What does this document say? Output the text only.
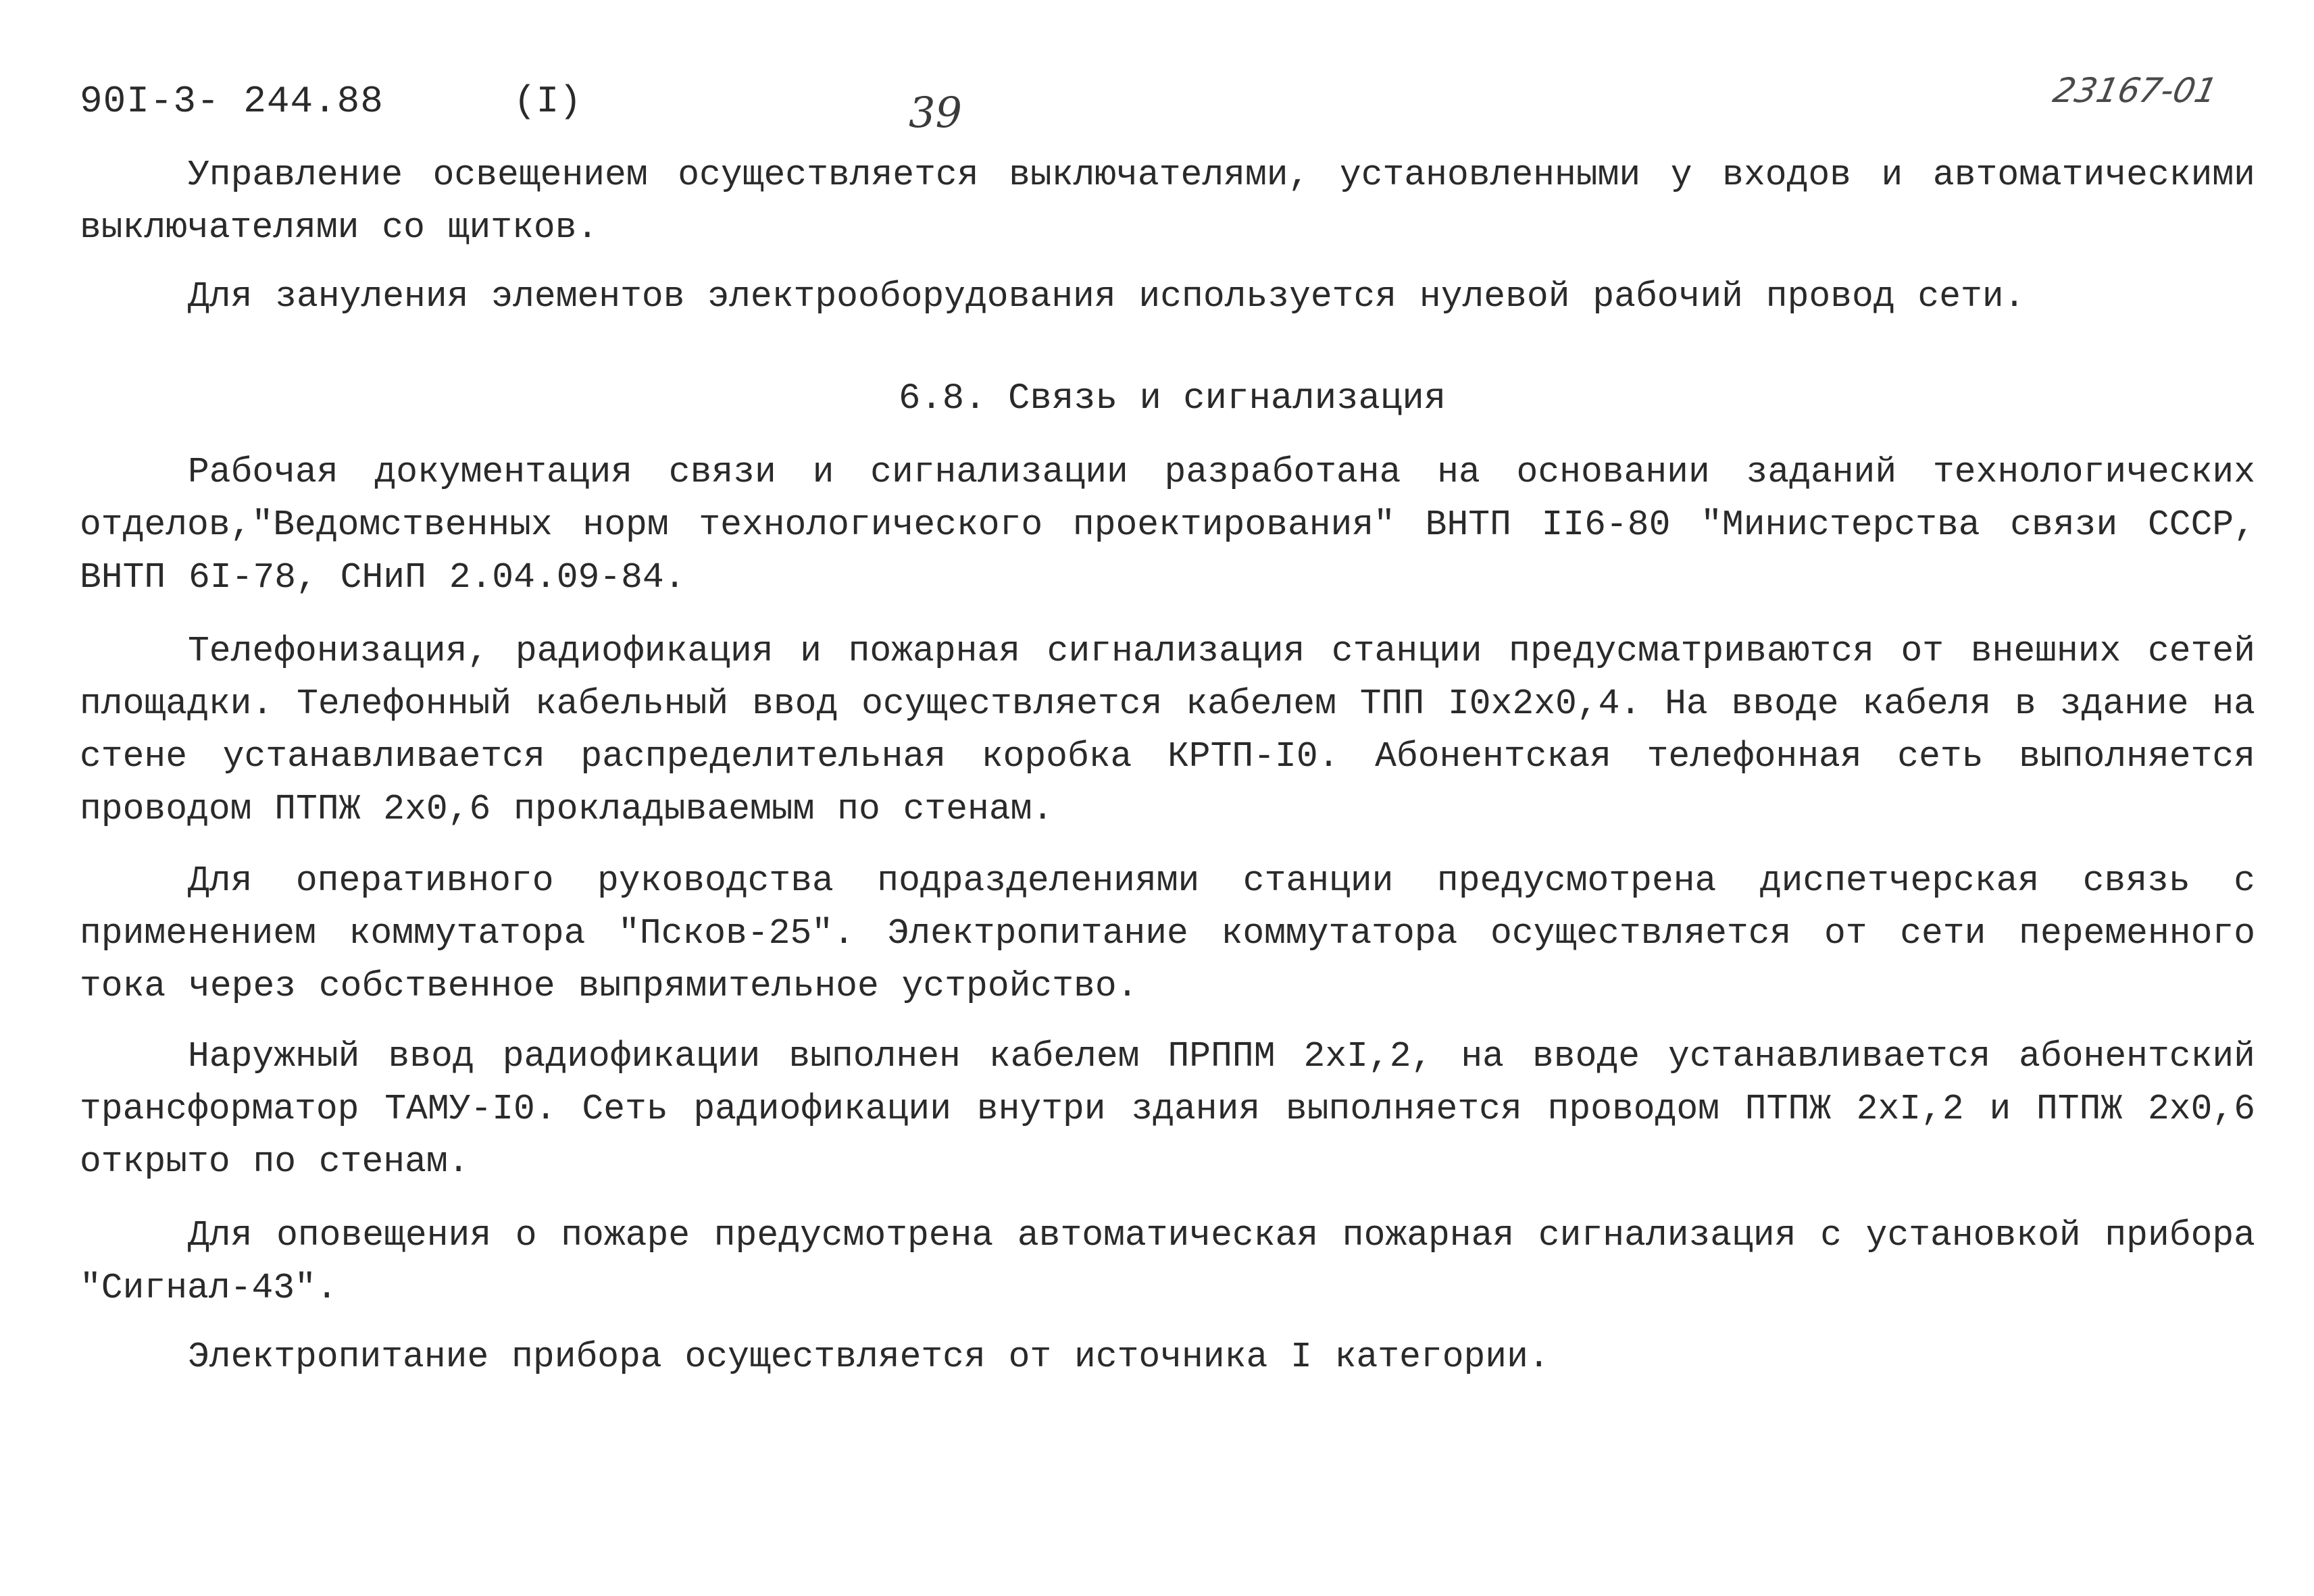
90I-3- 244.88	(I)	39	23167-01

Управление освещением осуществляется выключателями, установленными у входов и автоматическими выключателями со щитков.

Для зануления элементов электрооборудования используется нулевой рабочий провод сети.

6.8. Связь и сигнализация

Рабочая документация связи и сигнализации разработана на основании заданий технологических отделов,"Ведомственных норм технологического проектирования" ВНТП II6-80 "Министерства связи СССР, ВНТП 6I-78, СНиП 2.04.09-84.

Телефонизация, радиофикация и пожарная сигнализация станции предусматриваются от внешних сетей площадки. Телефонный кабельный ввод осуществляется кабелем ТПП I0х2х0,4. На вводе кабеля в здание на стене устанавливается распределительная коробка КРТП-I0. Абонентская телефонная сеть выполняется проводом ПТПЖ 2х0,6 прокладываемым по стенам.

Для оперативного руководства подразделениями станции предусмотрена диспетчерская связь с применением коммутатора "Псков-25". Электропитание коммутатора осуществляется от сети переменного тока через собственное выпрямительное устройство.

Наружный ввод радиофикации выполнен кабелем ПРППМ 2хI,2, на вводе устанавливается абонентский трансформатор ТАМУ-I0. Сеть радиофикации внутри здания выполняется проводом ПТПЖ 2хI,2 и ПТПЖ 2х0,6 открыто по стенам.

Для оповещения о пожаре предусмотрена автоматическая пожарная сигнализация с установкой прибора "Сигнал-43".

Электропитание прибора осуществляется от источника I категории.
